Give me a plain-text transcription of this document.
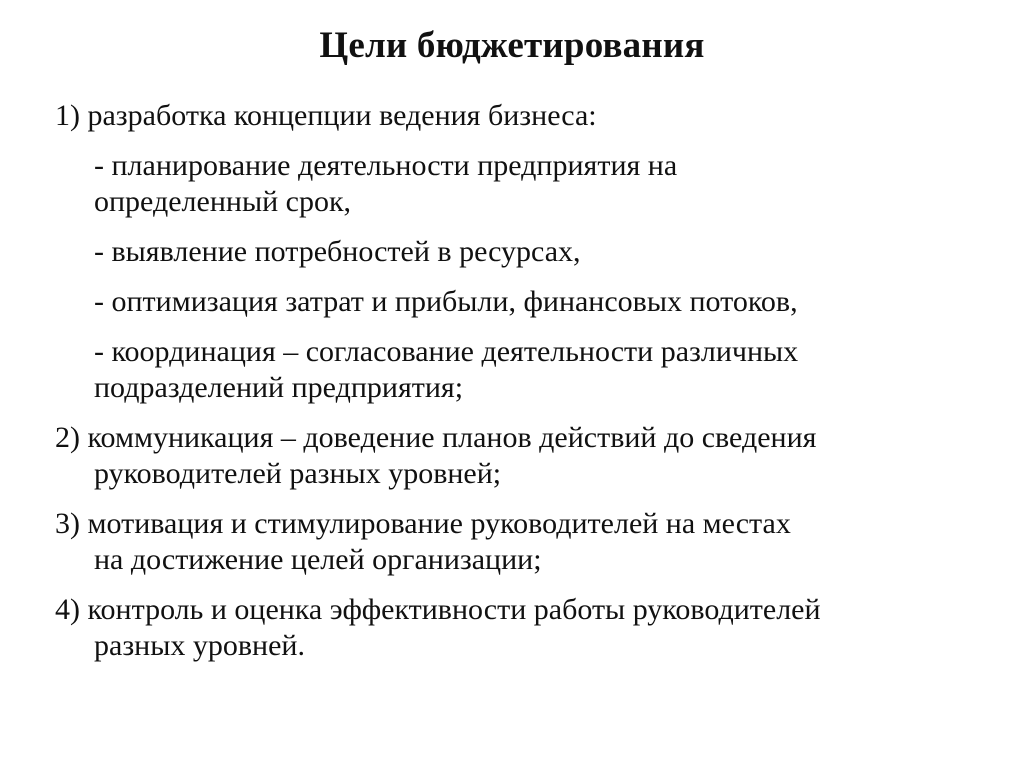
Цели бюджетирования
1) разработка концепции ведения бизнеса:
- планирование деятельности предприятия на
определенный срок,
- выявление потребностей в ресурсах,
- оптимизация затрат и прибыли, финансовых потоков,
- координация – согласование деятельности различных
подразделений предприятия;
2) коммуникация – доведение планов действий до сведения
руководителей разных уровней;
3) мотивация и стимулирование руководителей на местах
на достижение целей организации;
4) контроль и оценка эффективности работы руководителей
разных уровней.
